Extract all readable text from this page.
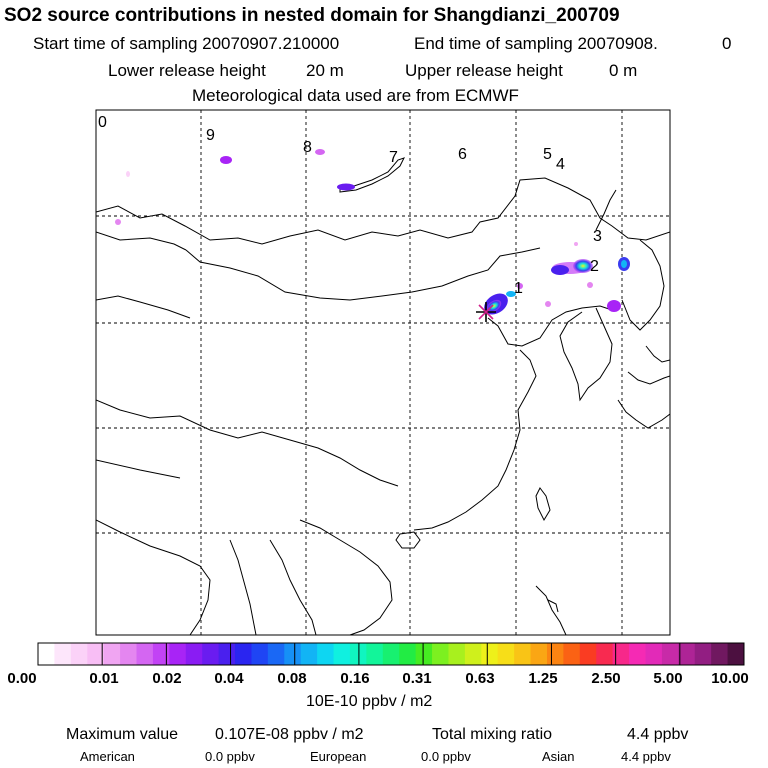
SO2 source contributions in nested domain for Shangdianzi_200709
Start time of sampling 20070907.210000	End time of sampling 20070908.	0
Lower release height 20 m	Upper release height	0 m
Meteorological data used are from ECMWF
0
9
8
7	6	5
4
3
2
1
0.00	0.01	0.02	0.04	0.08	0.16	0.31	0.63	1.25	2.50	5.00	10.00
10E-10 ppbv / m2
Maximum value 0.107E-08 ppbv / m2	Total mixing ratio	4.4 ppbv
American	0.0 ppbv	European	0.0 ppbv	Asian	4.4 ppbv
